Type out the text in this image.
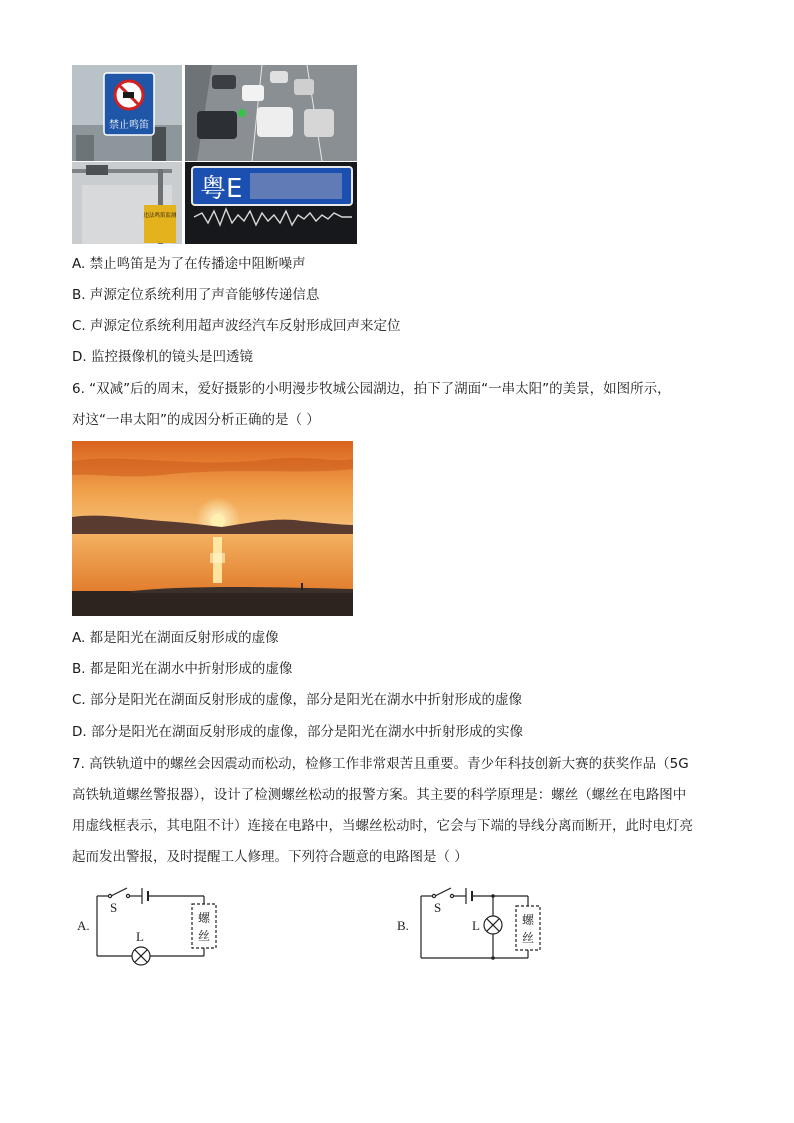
禁止鸣笛
违法鸣笛监测
粤E
A. 禁止鸣笛是为了在传播途中阻断噪声
B. 声源定位系统利用了声音能够传递信息
C. 声源定位系统利用超声波经汽车反射形成回声来定位
D. 监控摄像机的镜头是凹透镜
6. “双减”后的周末，爱好摄影的小明漫步牧城公园湖边，拍下了湖面“一串太阳”的美景，如图所示，
对这“一串太阳”的成因分析正确的是（ ）
A. 都是阳光在湖面反射形成的虚像
B. 都是阳光在湖水中折射形成的虚像
C. 部分是阳光在湖面反射形成的虚像，部分是阳光在湖水中折射形成的虚像
D. 部分是阳光在湖面反射形成的虚像，部分是阳光在湖水中折射形成的实像
7. 高铁轨道中的螺丝会因震动而松动，检修工作非常艰苦且重要。青少年科技创新大赛的获奖作品（5G
高铁轨道螺丝警报器），设计了检测螺丝松动的报警方案。其主要的科学原理是：螺丝（螺丝在电路图中
用虚线框表示，其电阻不计）连接在电路中，当螺丝松动时，它会与下端的导线分离而断开，此时电灯亮
起而发出警报，及时提醒工人修理。下列符合题意的电路图是（ ）
A.
S
L
螺
丝
B.
S
L	螺
丝
